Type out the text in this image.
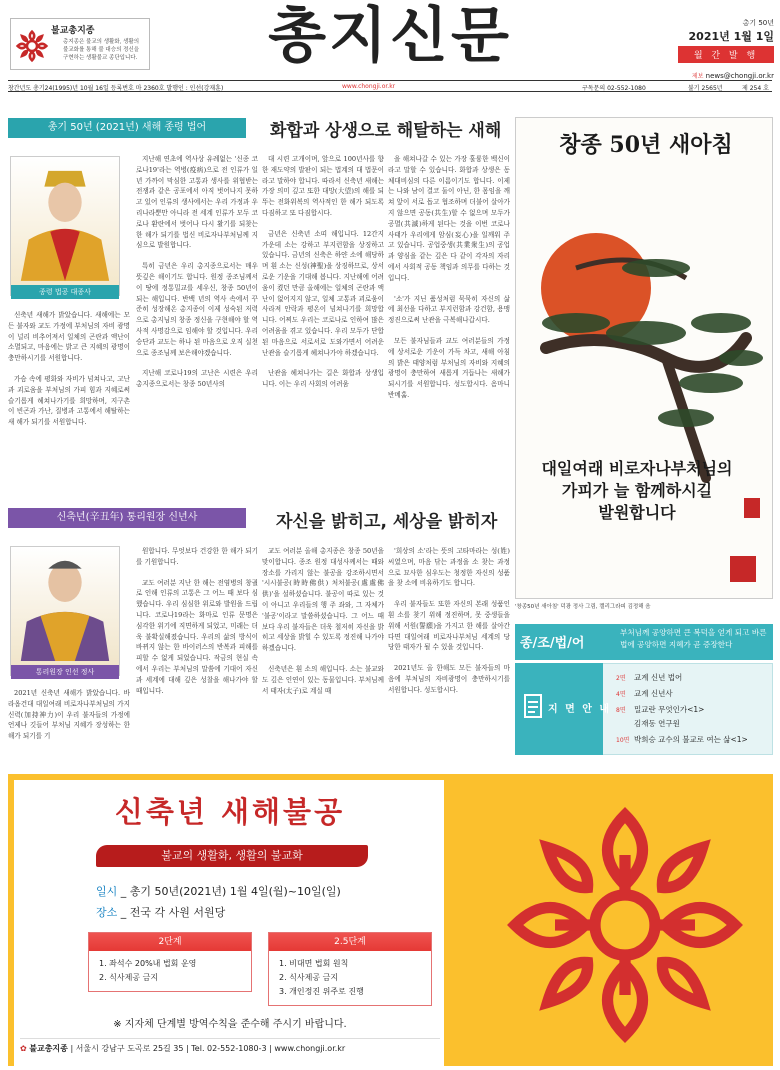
불교총지종
총지종은 불교의 생활화, 생활의 불교화를 통해 불 대승의 정신을 구현하는 생활불교 종단입니다. 총지신문	총기 50년
2021년 1월 1일
월 간 발 행
제보 news@chongji.or.kr
창간년도 총기24(1995)년 10월 16일 등록번호 마 2360호 발행인 : 인선(강재훈)	www.chongji.or.kr	구독문의 02-552-1080	불기 2565년	제 254 호
총기 50년 (2021년) 새해 종령 법어	화합과 상생으로 해탈하는 새해
종령 법공 대종사

신축년 새해가 밝았습니다. 새해에는 모든 불자와 교도 가정에 부처님의 자비 광명이 널리 비추어져서 일체의 곤란과 액난이 소멸되고, 마음에는 밝고 큰 지혜의 광명이 충만하시기를 서원합니다.

가슴 속에 평화와 자비가 넘쳐나고, 고난과 괴로움을 부처님의 가피 힘과 지혜로써 슬기롭게 헤쳐나가기를 희망하며, 지구촌이 빈곤과 가난, 질병과 고통에서 해탈하는 새 해가 되기를 서원합니다.

지난해 연초에 역사상 유례없는 '신종 코로나19'라는 역병(疫病)으로 전 인류가 일 년 가까이 막심한 고통과 생사를 위협받는 전쟁과 같은 공포에서 아직 벗어나지 못하고 있어 인류의 생사에서는 우리 가정과 우리나라뿐만 아니라 전 세계 인류가 모두 코로나 환란에서 벗어나 다시 활기를 되찾는 한 해가 되기를 법신 비로자나부처님께 지심으로 발원합니다.

특히 금년은 우리 총지종으로서는 매우 뜻깊은 해이기도 합니다. 원정 종조님께서 이 땅에 정통밀교를 세우신, 창종 50년이 되는 해입니다. 반백 년의 역사 속에서 꾸준히 성장해온 총지종이 이제 성숙된 저력으로 총지님의 창종 정신을 구현해야 할 역사적 사명감으로 임해야 할 것입니다. 우리 승단과 교도는 하나 된 마음으로 오직 실천으로 종조님께 보은해야겠습니다.

지난해 코로나19의 고난은 시련은 우리 총지종으로서는 창종 50년사의

대 시련 고개이며, 앞으로 100년사를 향한 재도약의 발판이 되는 법계의 대 법문이라고 말하야 합니다. 따라서 신축년 새해는 가장 의미 깊고 또한 대망(大望)의 해를 되뚜는 전화위복의 역사적인 한 해가 되도록 다짐하고 또 다짐합시다.

금년은 신축년 소띠 해입니다. 12간지 가운데 소는 강하고 부지런함을 상징하고 있습니다. 금년의 신축은 하얀 소에 해당하며 흰 소는 신성(神聖)을 상징하므로, 상서로운 기운을 기대해 봅니다. 지난해에 어려움이 켰던 만큼 올해에는 일체의 곤란과 액난이 없어지지 않고, 일체 고통과 괴로움이 사라져 안락과 평온이 넘쳐나기를 희망합니다. 어찌도 우리는 코로나로 인하여 많은 어려움을 겪고 있습니다. 우리 모두가 단합된 마음으로 서로서로 도와가면서 어려운 난관을 슬기롭게 헤쳐나가야 하겠습니다.

난관을 헤쳐나가는 길은 화합과 상생입니다. 이는 우리 사회의 어려움

을 해쳐나갈 수 있는 가장 훌륭한 백신이라고 말할 수 있습니다. 화합과 상생은 동체대비심의 다른 이름이기도 합니다. 이제는 나와 남이 결코 둘이 아닌, 한 몸임을 깨쳐 앞이 서로 돕고 협조하며 더불어 살아가지 않으면 공동(共生)할 수 없으며 모두가 공멸(共滅)하게 된다는 것을 이번 코로나 사태가 우리에게 암심(妄心)을 일깨워 주고 있습니다. 공업중생(共業衆生)의 공업과 양심을 같는 깊은 다 같이 각자의 자리에서 사회적 공동 책임과 의무를 다하는 것입니다.

'소'가 지닌 품성처럼 묵묵히 자신의 삶에 최선을 다하고 부지런함과 강건함, 용맹정진으로써 난관을 극복해나갑시다.

모든 불자님들과 교도 여러분들의 가정에 상서로운 기운이 가득 차고, 새해 아침의 밝은 태양처럼 부처님의 자비와 지혜의 광명이 충만하여 새롭게 거듭나는 새해가 되시기를 서원합니다. 성도합시다. 옴마니반메훔.

신축년(辛丑年) 통리원장 신년사	자신을 밝히고, 세상을 밝히자
통리원장 인선 정사

2021년 신축년 새해가 밝았습니다. 바라옵건대 대일여래 비로자나부처님의 가지신력(加持神力)이 우리 불자들의 가정에 언제나 깃들어 부처님 지혜가 장성하는 한 해가 되기를 기

원합니다. 무엇보다 건강한 한 해가 되기를 기원합니다.

교도 여러분 지난 한 해는 전염병의 창궐로 인해 인류의 고통은 그 어느 때 보다 심했습니다. 우리 심심한 위로와 발원을 드립니다. 코로나19라는 화마로 인류 문명은 심각한 위기에 직면하게 되었고, 미래는 더욱 불확실해졌습니다. 우리의 삶의 방식이 바뀌지 않는 한 바이러스의 반복과 피해를 피할 수 없게 되었습니다. 작금의 현실 속에서 우리는 부처님의 말씀에 기대어 자신과 세계에 대해 깊은 성찰을 해나가야 할 때입니다.

교도 여러분 올해 총지종은 창종 50년을 맞이합니다. 종조 원정 대성사께서는 때와 장소를 가리지 않는 불공을 강조하시면서 '시시불공(時時佛供) 처처불공(處處佛供)'을 설하셨습니다. 불공이 따로 있는 것이 아니고 우리들의 행 주 좌와, 그 자체가 '불공'이라고 말씀하셨습니다. 그 어느 때 보다 우리 불자들은 더욱 철저히 자신을 밝히고 세상을 밝힐 수 있도록 정진해 나가야 하겠습니다.

신축년은 흰 소의 해입니다. 소는 불교와도 깊은 인연이 있는 동물입니다. 부처님께서 태자(太子)로 계실 때

'희상의 소'라는 뜻의 고타마라는 성(姓)씨였으며, 마음 닦는 과정을 소 찾는 과정으로 묘사한 심우도는 청정한 자신의 성품을 찾 소에 비유하기도 합니다.

우리 불자들도 또한 자신의 본래 성품인 흰 소를 찾기 위해 정진하며, 못 중생들을 위해 서원(誓願)을 가지고 한 해를 살아간다면 대일여래 비로자나부처님 세계의 당당한 태자가 될 수 있을 것입니다.

2021년도 올 한해도 모든 불자들의 마음에 부처님의 자비광명이 충만하시기를 서원합니다. 성도합시다.

창종 50년 새아침
대일여래 비로자나부처님의
가피가 늘 함께하시길
발원합니다
'창종50년 새아침' 덕광 정사 그림, 캘리그라피 김정해 음
종/조/법/어
부처님께 공양하면 큰 복덕을 얻게 되고 바른 법에 공양하면 지혜가 곧 증장한다
지 면 안 내
2면 교계 신년 법어
4면 교계 신년사
8면 밀교란 무엇인가<1>
김재동 연구원
10면 박희승 교수의 불교로 여는 삶<1>
신축년 새해불공
불교의 생활화, 생활의 불교화
일시 _ 총기 50년(2021년) 1월 4일(월)~10일(일)
장소 _ 전국 각 사원 서원당
2단계
1. 좌석수 20%내 법회 운영
2. 식사제공 금지
2.5단계
1. 비대면 법회 원칙
2. 식사제공 금지
3. 개인정진 위주로 진행
※ 지자체 단계별 방역수칙을 준수해 주시기 바랍니다.
✿ 불교총지종 | 서울시 강남구 도곡로 25길 35 | Tel. 02-552-1080-3 | www.chongji.or.kr
